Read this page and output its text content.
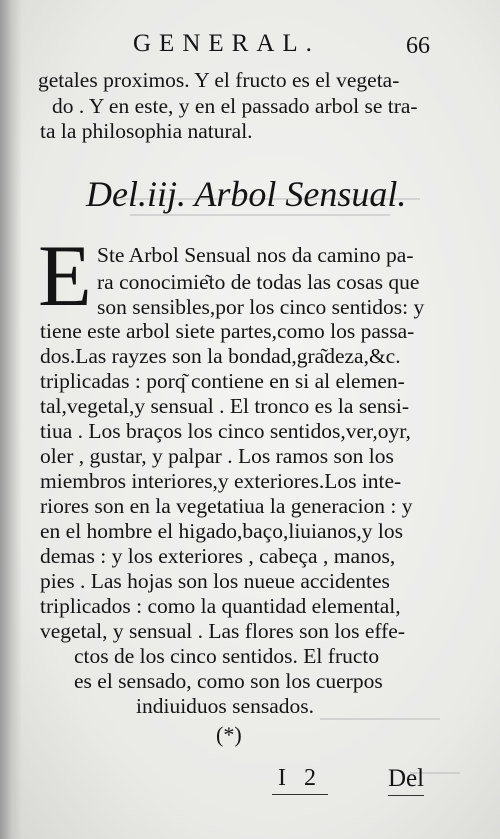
GENERAL.	66
getales proximos. Y el fructo es el vegeta-
do . Y en este, y en el passado arbol se tra-
ta la philosophia natural.
Del.iij. Arbol Sensual.
E Ste Arbol Sensual nos da camino pa-
ra conocimie͂to de todas las cosas que
son sensibles,por los cinco sentidos: y
tiene este arbol siete partes,como los passa-
dos.Las rayzes son la bondad,gra͂deza,&c.
triplicadas : porq͂ contiene en si al elemen-
tal,vegetal,y sensual . El tronco es la sensi-
tiua . Los braços los cinco sentidos,ver,oyr,
oler , gustar, y palpar . Los ramos son los
miembros interiores,y exteriores.Los inte-
riores son en la vegetatiua la generacion : y
en el hombre el higado,baço,liuianos,y los
demas : y los exteriores , cabeça , manos,
pies . Las hojas son los nueue accidentes
triplicados : como la quantidad elemental,
vegetal, y sensual . Las flores son los effe-
ctos de los cinco sentidos. El fructo
es el sensado, como son los cuerpos
indiuiduos sensados.
(*)
I 2	Del
